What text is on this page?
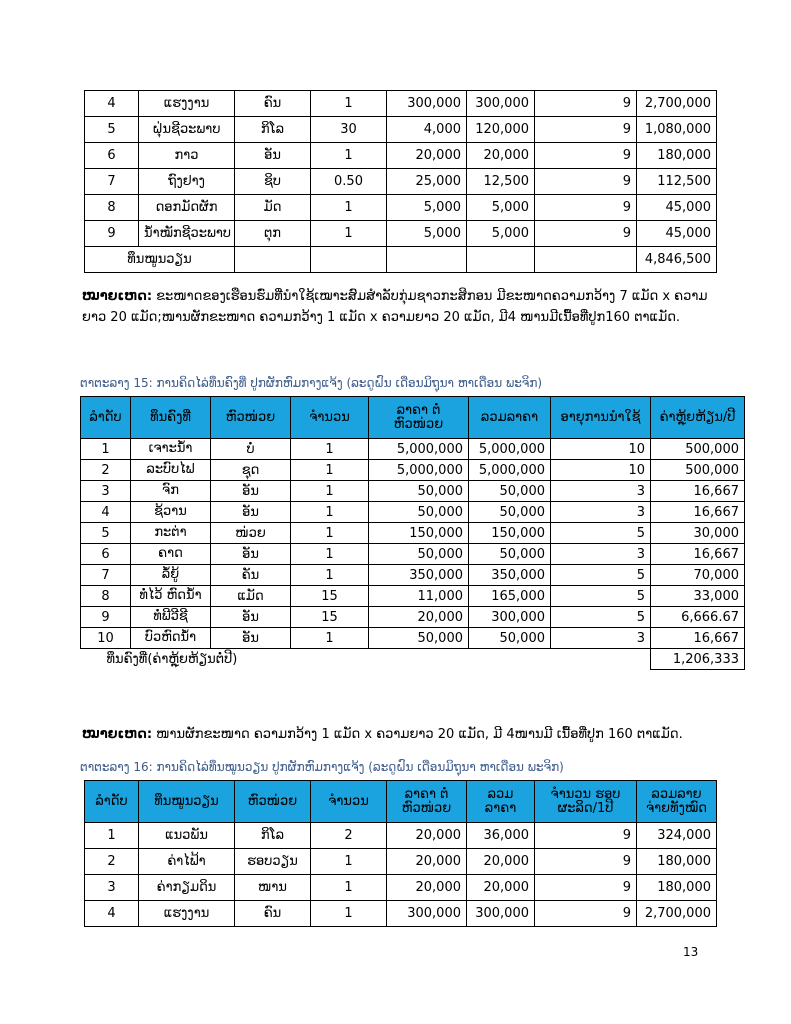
4	ແຮງງານ	ຄົນ	1	300,000	300,000	9	2,700,000
5	ຝຸ່ນຊີວະພາບ	ກິໂລ	30	4,000	120,000	9	1,080,000
6	ກາວ	ອັນ	1	20,000	20,000	9	180,000
7	ຖົງຢາງ	ຊິບ	0.50	25,000	12,500	9	112,500
8	ດອກມັດຜັກ	ມັດ	1	5,000	5,000	9	45,000
9	ນ້ຳໝັກຊີວະພາບ	ຕຸກ	1	5,000	5,000	9	45,000
ທຶນໝູນວຽນ							4,846,500
ໝາຍເຫດ: ຂະໜາດຂອງເຮືອນຮົ່ມທີ່ນຳໃຊ້ເໝາະສົມສຳລັບກຸ່ມຊາວກະສິກອນ ມີຂະໜາດຄວາມກວ້າງ 7 ແມັດ x ຄວາມຍາວ 20 ແມັດ;ໜານຜັກຂະໜາດ ຄວາມກວ້າງ 1 ແມັດ x ຄວາມຍາວ 20 ແມັດ, ມີ4 ໜານມີເນື້ອທີ່ປູກ160 ຕາແມັດ.
ຕາຕະລາງ 15: ການຄິດໄລ່ທຶນຄົງທີ່ ປູກຜັກຫົມກາງແຈ້ງ (ລະດູຝົນ ເດືອນມິຖຸນາ ຫາເດືອນ ພະຈິກ)
ລຳດັບ	ທຶນຄົງທີ່	ຫົວໜ່ວຍ	ຈຳນວນ	ລາຄາ ຕໍ່ຫົວໜ່ວຍ	ລວມລາຄາ	ອາຍຸການນຳໃຊ້	ຄ່າຫຼຸ້ຍຫ້ຽນ/ປີ
1	ເຈາະນ້ຳ	ບໍ່	1	5,000,000	5,000,000	10	500,000
2	ລະບົບໄຟ	ຊຸດ	1	5,000,000	5,000,000	10	500,000
3	ຈົກ	ອັນ	1	50,000	50,000	3	16,667
4	ຊ້ວານ	ອັນ	1	50,000	50,000	3	16,667
5	ກະຕ່າ	ໜ່ວຍ	1	150,000	150,000	5	30,000
6	ຄາດ	ອັນ	1	50,000	50,000	3	16,667
7	ລໍ້ຍູ້	ຄັນ	1	350,000	350,000	5	70,000
8	ທໍ່ໄວ້ ຫົດນ້ຳ	ແມັດ	15	11,000	165,000	5	33,000
9	ທໍ່ພີວີຊີ	ອັນ	15	20,000	300,000	5	6,666.67
10	ບົວຫົດນ້ຳ	ອັນ	1	50,000	50,000	3	16,667
ທຶນຄົງທີ່(ຄ່າຫຼຸ້ຍຫ້ຽນຕໍ່ປີ)							1,206,333
ໝາຍເຫດ: ໜານຜັກຂະໜາດ ຄວາມກວ້າງ 1 ແມັດ x ຄວາມຍາວ 20 ແມັດ, ມີ 4ໜານມີ ເນື້ອທີ່ປູກ 160 ຕາແມັດ.
ຕາຕະລາງ 16: ການຄິດໄລ່ທຶນໝູນວຽນ ປູກຜັກຫົມກາງແຈ້ງ (ລະດູຝົນ ເດືອນມິຖຸນາ ຫາເດືອນ ພະຈິກ)
ລຳດັບ	ທຶນໝູນວຽນ	ຫົວໜ່ວຍ	ຈຳນວນ	ລາຄາ ຕໍ່ຫົວໜ່ວຍ	ລວມ ລາຄາ	ຈຳນວນ ຮອບຜະລິດ/1ປີ	ລວມລາຍ ຈ່າຍທັງໝົດ
1	ແນວພັນ	ກິໂລ	2	20,000	36,000	9	324,000
2	ຄ່າໄຟ້າ	ຮອບວຽນ	1	20,000	20,000	9	180,000
3	ຄ່າກຽມດິນ	ໜານ	1	20,000	20,000	9	180,000
4	ແຮງງານ	ຄົນ	1	300,000	300,000	9	2,700,000
13
